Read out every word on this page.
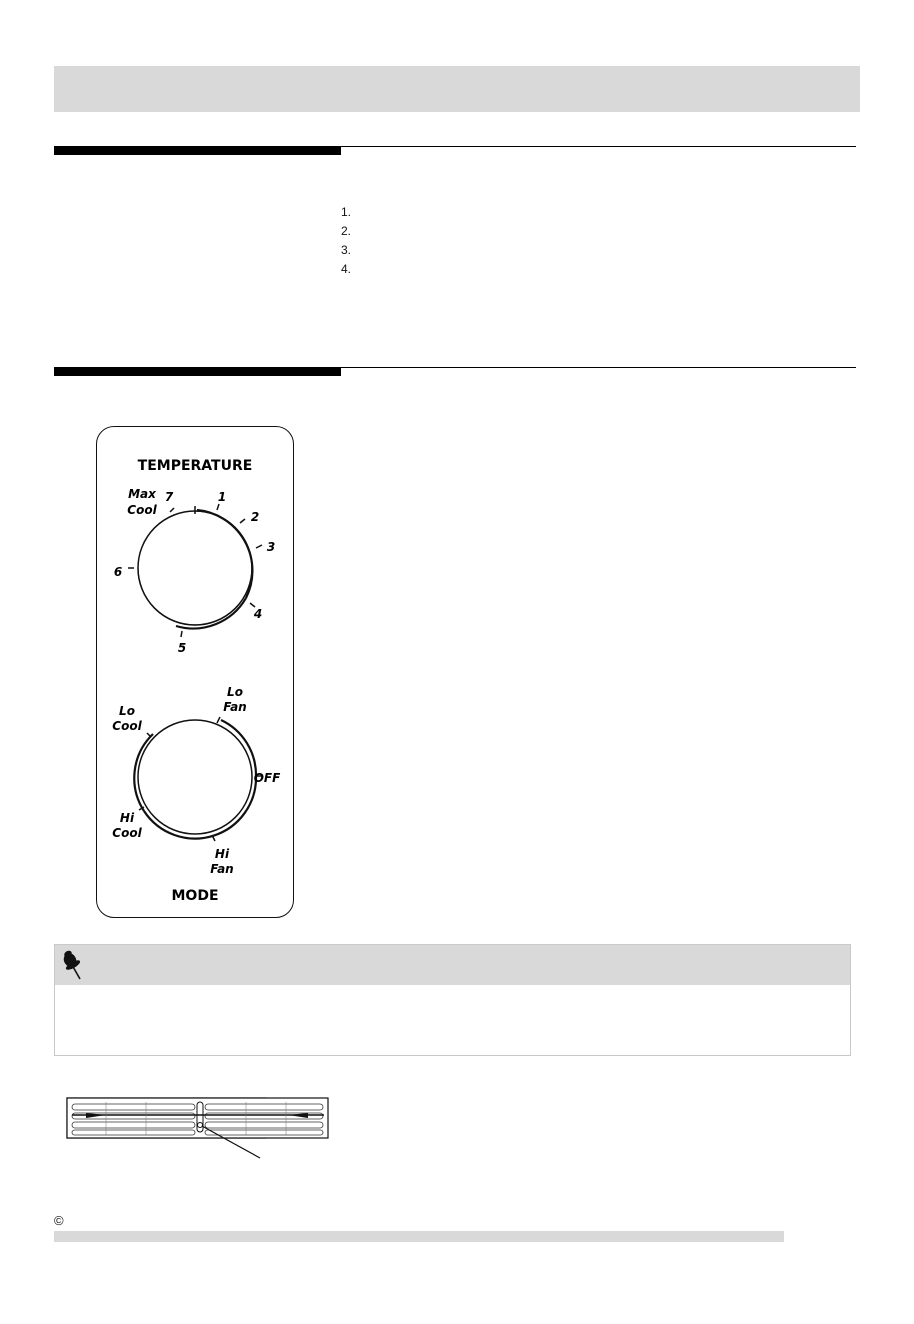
1.
2.
3.
4.
TEMPERATURE
Max
Cool
7	1
2
3
4
5
6
Lo
Fan
Lo
Cool
OFF
Hi
Cool
Hi
Fan
MODE
©
